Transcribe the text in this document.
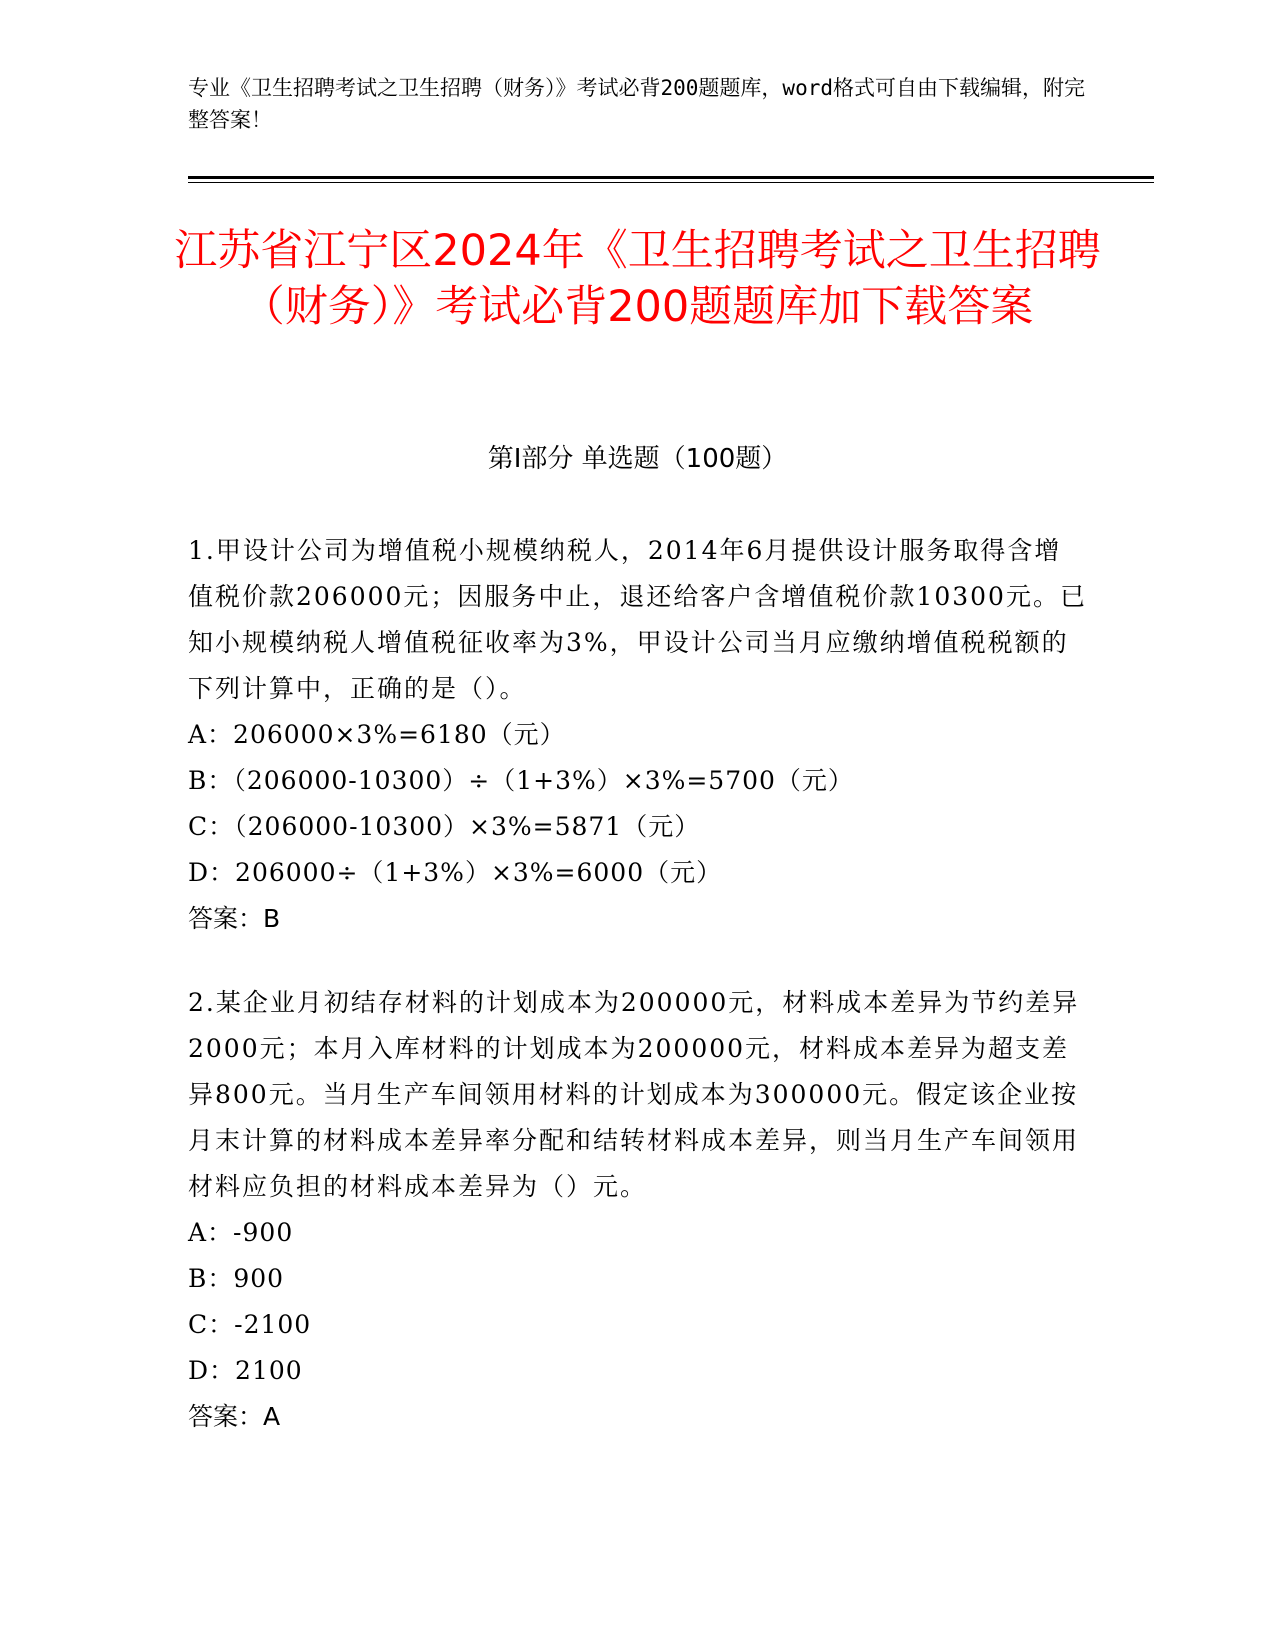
专业《卫生招聘考试之卫生招聘（财务）》考试必背200题题库，word格式可自由下载编辑，附完整答案！
江苏省江宁区2024年《卫生招聘考试之卫生招聘（财务）》考试必背200题题库加下载答案
第I部分 单选题（100题）

1.甲设计公司为增值税小规模纳税人，2014年6月提供设计服务取得含增值税价款206000元；因服务中止，退还给客户含增值税价款10300元。已知小规模纳税人增值税征收率为3%，甲设计公司当月应缴纳增值税税额的下列计算中，正确的是（）。

A：206000×3%=6180（元）
B：（206000-10300）÷（1+3%）×3%=5700（元）
C：（206000-10300）×3%=5871（元）
D：206000÷（1+3%）×3%=6000（元）
答案：B

2.某企业月初结存材料的计划成本为200000元，材料成本差异为节约差异2000元；本月入库材料的计划成本为200000元，材料成本差异为超支差异800元。当月生产车间领用材料的计划成本为300000元。假定该企业按月末计算的材料成本差异率分配和结转材料成本差异，则当月生产车间领用材料应负担的材料成本差异为（）元。

A：-900
B：900
C：-2100
D：2100
答案：A
